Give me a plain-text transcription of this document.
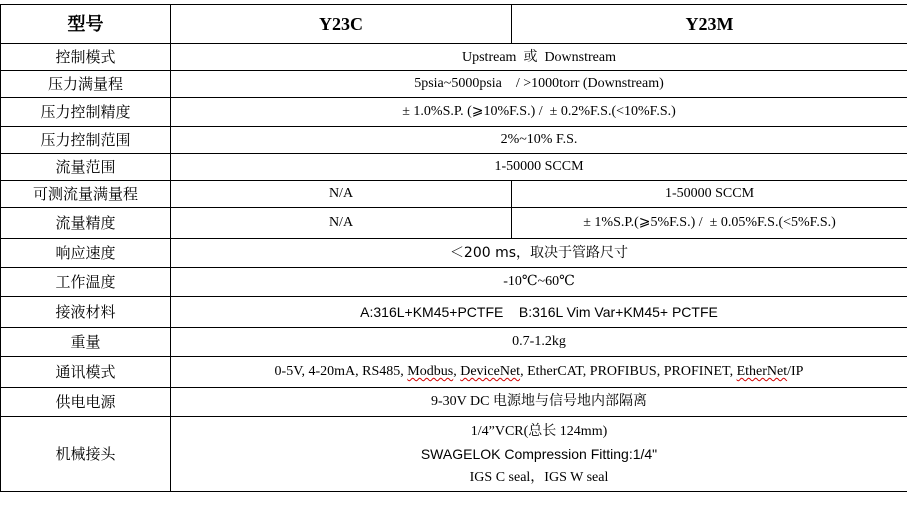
型号	Y23C	Y23M
控制模式	Upstream 或 Downstream	
压力满量程	5psia~5000psia    / >1000torr (Downstream)	
压力控制精度	± 1.0%S.P. (⩾10%F.S.) /  ± 0.2%F.S.(<10%F.S.)	
压力控制范围	2%~10% F.S.	
流量范围	1-50000 SCCM	
可测流量满量程	N/A	1-50000 SCCM
流量精度	N/A	± 1%S.P.(⩾5%F.S.) /  ± 0.05%F.S.(<5%F.S.)
响应速度	＜200 ms，取决于管路尺寸	
工作温度	-10℃~60℃	
接液材料	A:316L+KM45+PCTFE    B:316L Vim Var+KM45+ PCTFE	
重量	0.7-1.2kg	
通讯模式	0-5V, 4-20mA, RS485, Modbus, DeviceNet, EtherCAT, PROFIBUS, PROFINET, EtherNet/IP	
供电电源	9-30V DC 电源地与信号地内部隔离	
机械接头	1/4”VCR(总长 124mm)
SWAGELOK Compression Fitting:1/4"
IGS C seal，IGS W seal	
